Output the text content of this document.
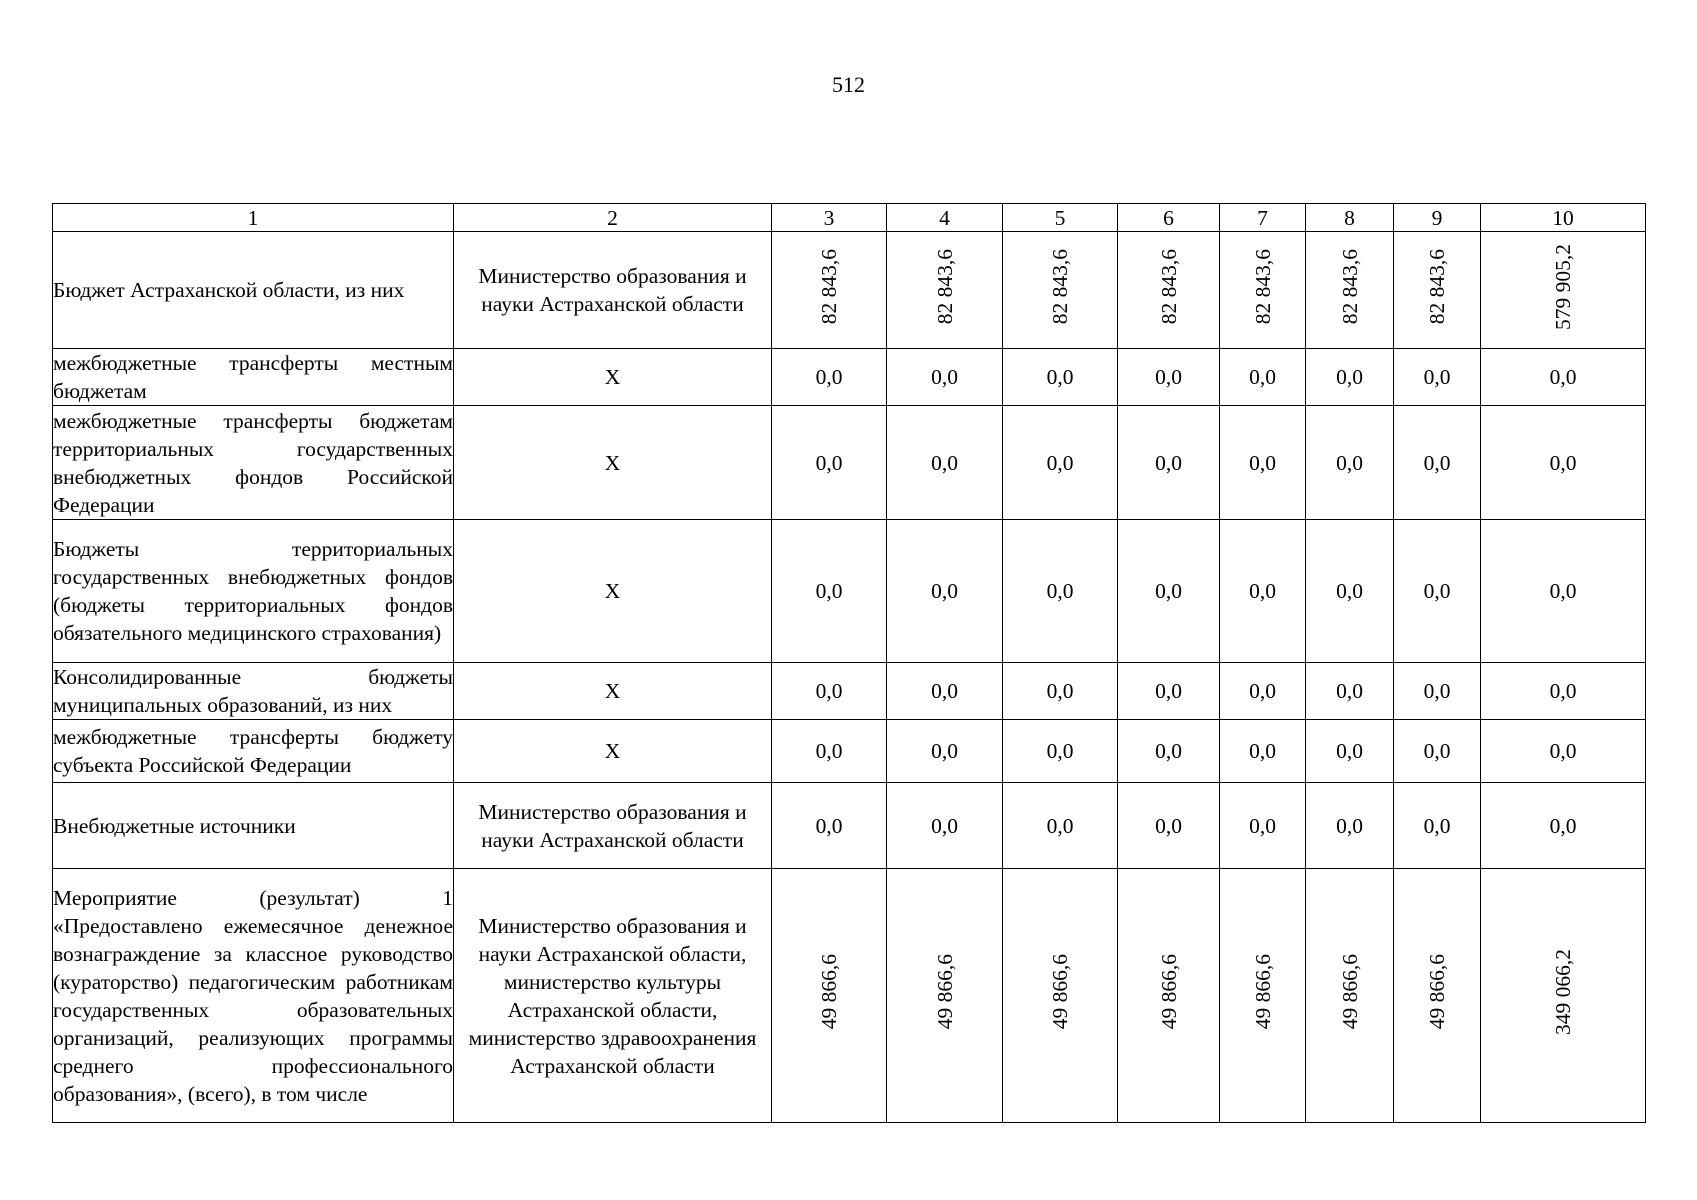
512
1	2	3	4	5	6	7	8	9	10
Бюджет Астраханской области, из них	Министерство образования и науки Астраханской области	82 843,6	82 843,6	82 843,6	82 843,6	82 843,6	82 843,6	82 843,6	579 905,2
межбюджетные трансферты местным бюджетам	Х	0,0	0,0	0,0	0,0	0,0	0,0	0,0	0,0
межбюджетные трансферты бюджетам территориальных государственных внебюджетных фондов Российской Федерации	Х	0,0	0,0	0,0	0,0	0,0	0,0	0,0	0,0
Бюджеты территориальных государственных внебюджетных фондов (бюджеты территориальных фондов обязательного медицинского страхования)	Х	0,0	0,0	0,0	0,0	0,0	0,0	0,0	0,0
Консолидированные бюджеты муниципальных образований, из них	Х	0,0	0,0	0,0	0,0	0,0	0,0	0,0	0,0
межбюджетные трансферты бюджету субъекта Российской Федерации	Х	0,0	0,0	0,0	0,0	0,0	0,0	0,0	0,0
Внебюджетные источники	Министерство образования и науки Астраханской области	0,0	0,0	0,0	0,0	0,0	0,0	0,0	0,0
Мероприятие (результат) 1 «Предоставлено ежемесячное денежное вознаграждение за классное руководство (кураторство) педагогическим работникам государственных образовательных организаций, реализующих программы среднего профессионального образования», (всего), в том числе	Министерство образования и науки Астраханской области, министерство культуры Астраханской области, министерство здравоохранения Астраханской области	49 866,6	49 866,6	49 866,6	49 866,6	49 866,6	49 866,6	49 866,6	349 066,2
